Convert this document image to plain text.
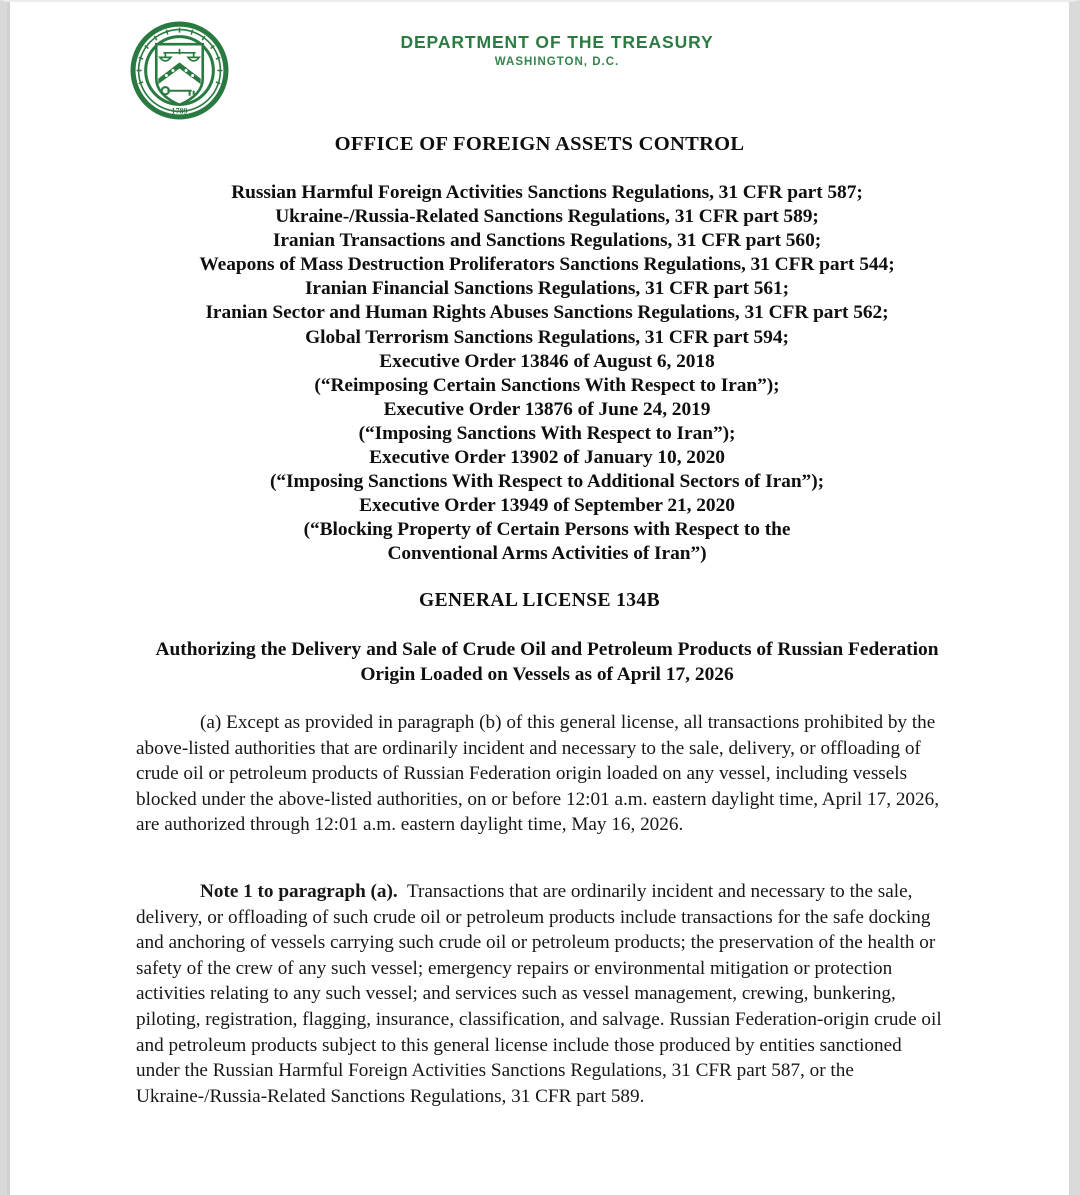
1789
DEPARTMENT OF THE TREASURY
WASHINGTON, D.C.
OFFICE OF FOREIGN ASSETS CONTROL
Russian Harmful Foreign Activities Sanctions Regulations, 31 CFR part 587;
Ukraine-/Russia-Related Sanctions Regulations, 31 CFR part 589;
Iranian Transactions and Sanctions Regulations, 31 CFR part 560;
Weapons of Mass Destruction Proliferators Sanctions Regulations, 31 CFR part 544;
Iranian Financial Sanctions Regulations, 31 CFR part 561;
Iranian Sector and Human Rights Abuses Sanctions Regulations, 31 CFR part 562;
Global Terrorism Sanctions Regulations, 31 CFR part 594;
Executive Order 13846 of August 6, 2018
(“Reimposing Certain Sanctions With Respect to Iran”);
Executive Order 13876 of June 24, 2019
(“Imposing Sanctions With Respect to Iran”);
Executive Order 13902 of January 10, 2020
(“Imposing Sanctions With Respect to Additional Sectors of Iran”);
Executive Order 13949 of September 21, 2020
(“Blocking Property of Certain Persons with Respect to the
Conventional Arms Activities of Iran”)
GENERAL LICENSE 134B
Authorizing the Delivery and Sale of Crude Oil and Petroleum Products of Russian Federation Origin Loaded on Vessels as of April 17, 2026
(a) Except as provided in paragraph (b) of this general license, all transactions prohibited by the above-listed authorities that are ordinarily incident and necessary to the sale, delivery, or offloading of crude oil or petroleum products of Russian Federation origin loaded on any vessel, including vessels blocked under the above-listed authorities, on or before 12:01 a.m. eastern daylight time, April 17, 2026, are authorized through 12:01 a.m. eastern daylight time, May 16, 2026.
Note 1 to paragraph (a). Transactions that are ordinarily incident and necessary to the sale, delivery, or offloading of such crude oil or petroleum products include transactions for the safe docking and anchoring of vessels carrying such crude oil or petroleum products; the preservation of the health or safety of the crew of any such vessel; emergency repairs or environmental mitigation or protection activities relating to any such vessel; and services such as vessel management, crewing, bunkering, piloting, registration, flagging, insurance, classification, and salvage. Russian Federation-origin crude oil and petroleum products subject to this general license include those produced by entities sanctioned under the Russian Harmful Foreign Activities Sanctions Regulations, 31 CFR part 587, or the Ukraine-/Russia-Related Sanctions Regulations, 31 CFR part 589.
